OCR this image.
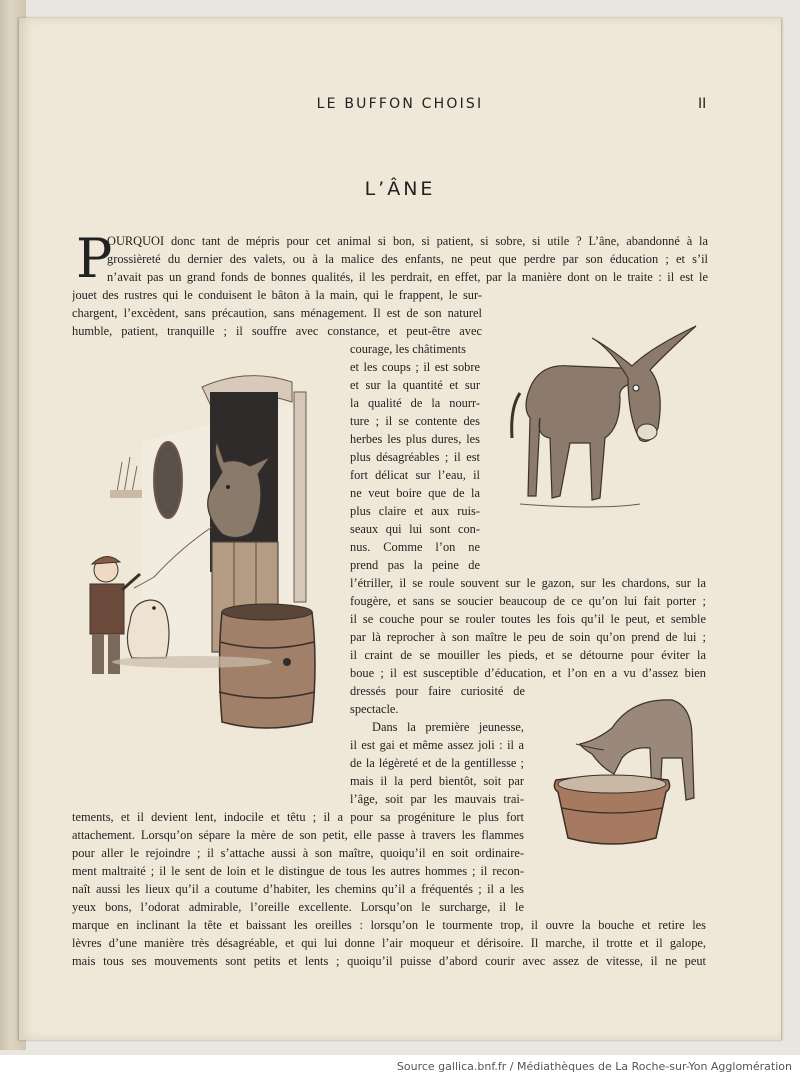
LE BUFFON CHOISI	II
L’ÂNE
P
OURQUOI donc tant de mépris pour cet animal si bon, si patient, si sobre, si utile ? L’âne, abandonné à la
grossièreté du dernier des valets, ou à la malice des enfants, ne peut que perdre par son éducation ; et s’il
n’avait pas un grand fonds de bonnes qualités, il les perdrait, en effet, par la manière dont on le traite : il est le
jouet des rustres qui le conduisent le bâton à la main, qui le frappent, le sur-
chargent, l’excèdent, sans précaution, sans ménagement. Il est de son naturel
humble, patient, tranquille ; il souffre avec constance, et peut-être avec
courage, les châtiments
et les coups ; il est sobre
et sur la quantité et sur
la qualité de la nourr-
ture ; il se contente des
herbes les plus dures, les
plus désagréables ; il est
fort délicat sur l’eau, il
ne veut boire que de la
plus claire et aux ruis-
seaux qui lui sont con-
nus. Comme l’on ne
prend pas la peine de
l’étriller, il se roule souvent sur le gazon, sur les chardons, sur la
fougère, et sans se soucier beaucoup de ce qu’on lui fait porter ;
il se couche pour se rouler toutes les fois qu’il le peut, et semble
par là reprocher à son maître le peu de soin qu’on prend de lui ;
il craint de se mouiller les pieds, et se détourne pour éviter la
boue ; il est susceptible d’éducation, et l’on en a vu d’assez bien
dressés pour faire curiosité de
spectacle.
Dans la première jeunesse,
il est gai et même assez joli : il a
de la légèreté et de la gentillesse ;
mais il la perd bientôt, soit par
l’âge, soit par les mauvais trai-
tements, et il devient lent, indocile et têtu ; il a pour sa progéniture le plus fort
attachement. Lorsqu’on sépare la mère de son petit, elle passe à travers les flammes
pour aller le rejoindre ; il s’attache aussi à son maître, quoiqu’il en soit ordinaire-
ment maltraité ; il le sent de loin et le distingue de tous les autres hommes ; il recon-
naît aussi les lieux qu’il a coutume d’habiter, les chemins qu’il a fréquentés ; il a les
yeux bons, l’odorat admirable, l’oreille excellente. Lorsqu’on le surcharge, il le
marque en inclinant la tête et baissant les oreilles : lorsqu’on le tourmente trop, il ouvre la bouche et retire les
lèvres d’une manière très désagréable, et qui lui donne l’air moqueur et dérisoire. Il marche, il trotte et il galope,
mais tous ses mouvements sont petits et lents ; quoiqu’il puisse d’abord courir avec assez de vitesse, il ne peut
Source gallica.bnf.fr / Médiathèques de La Roche-sur-Yon Agglomération
